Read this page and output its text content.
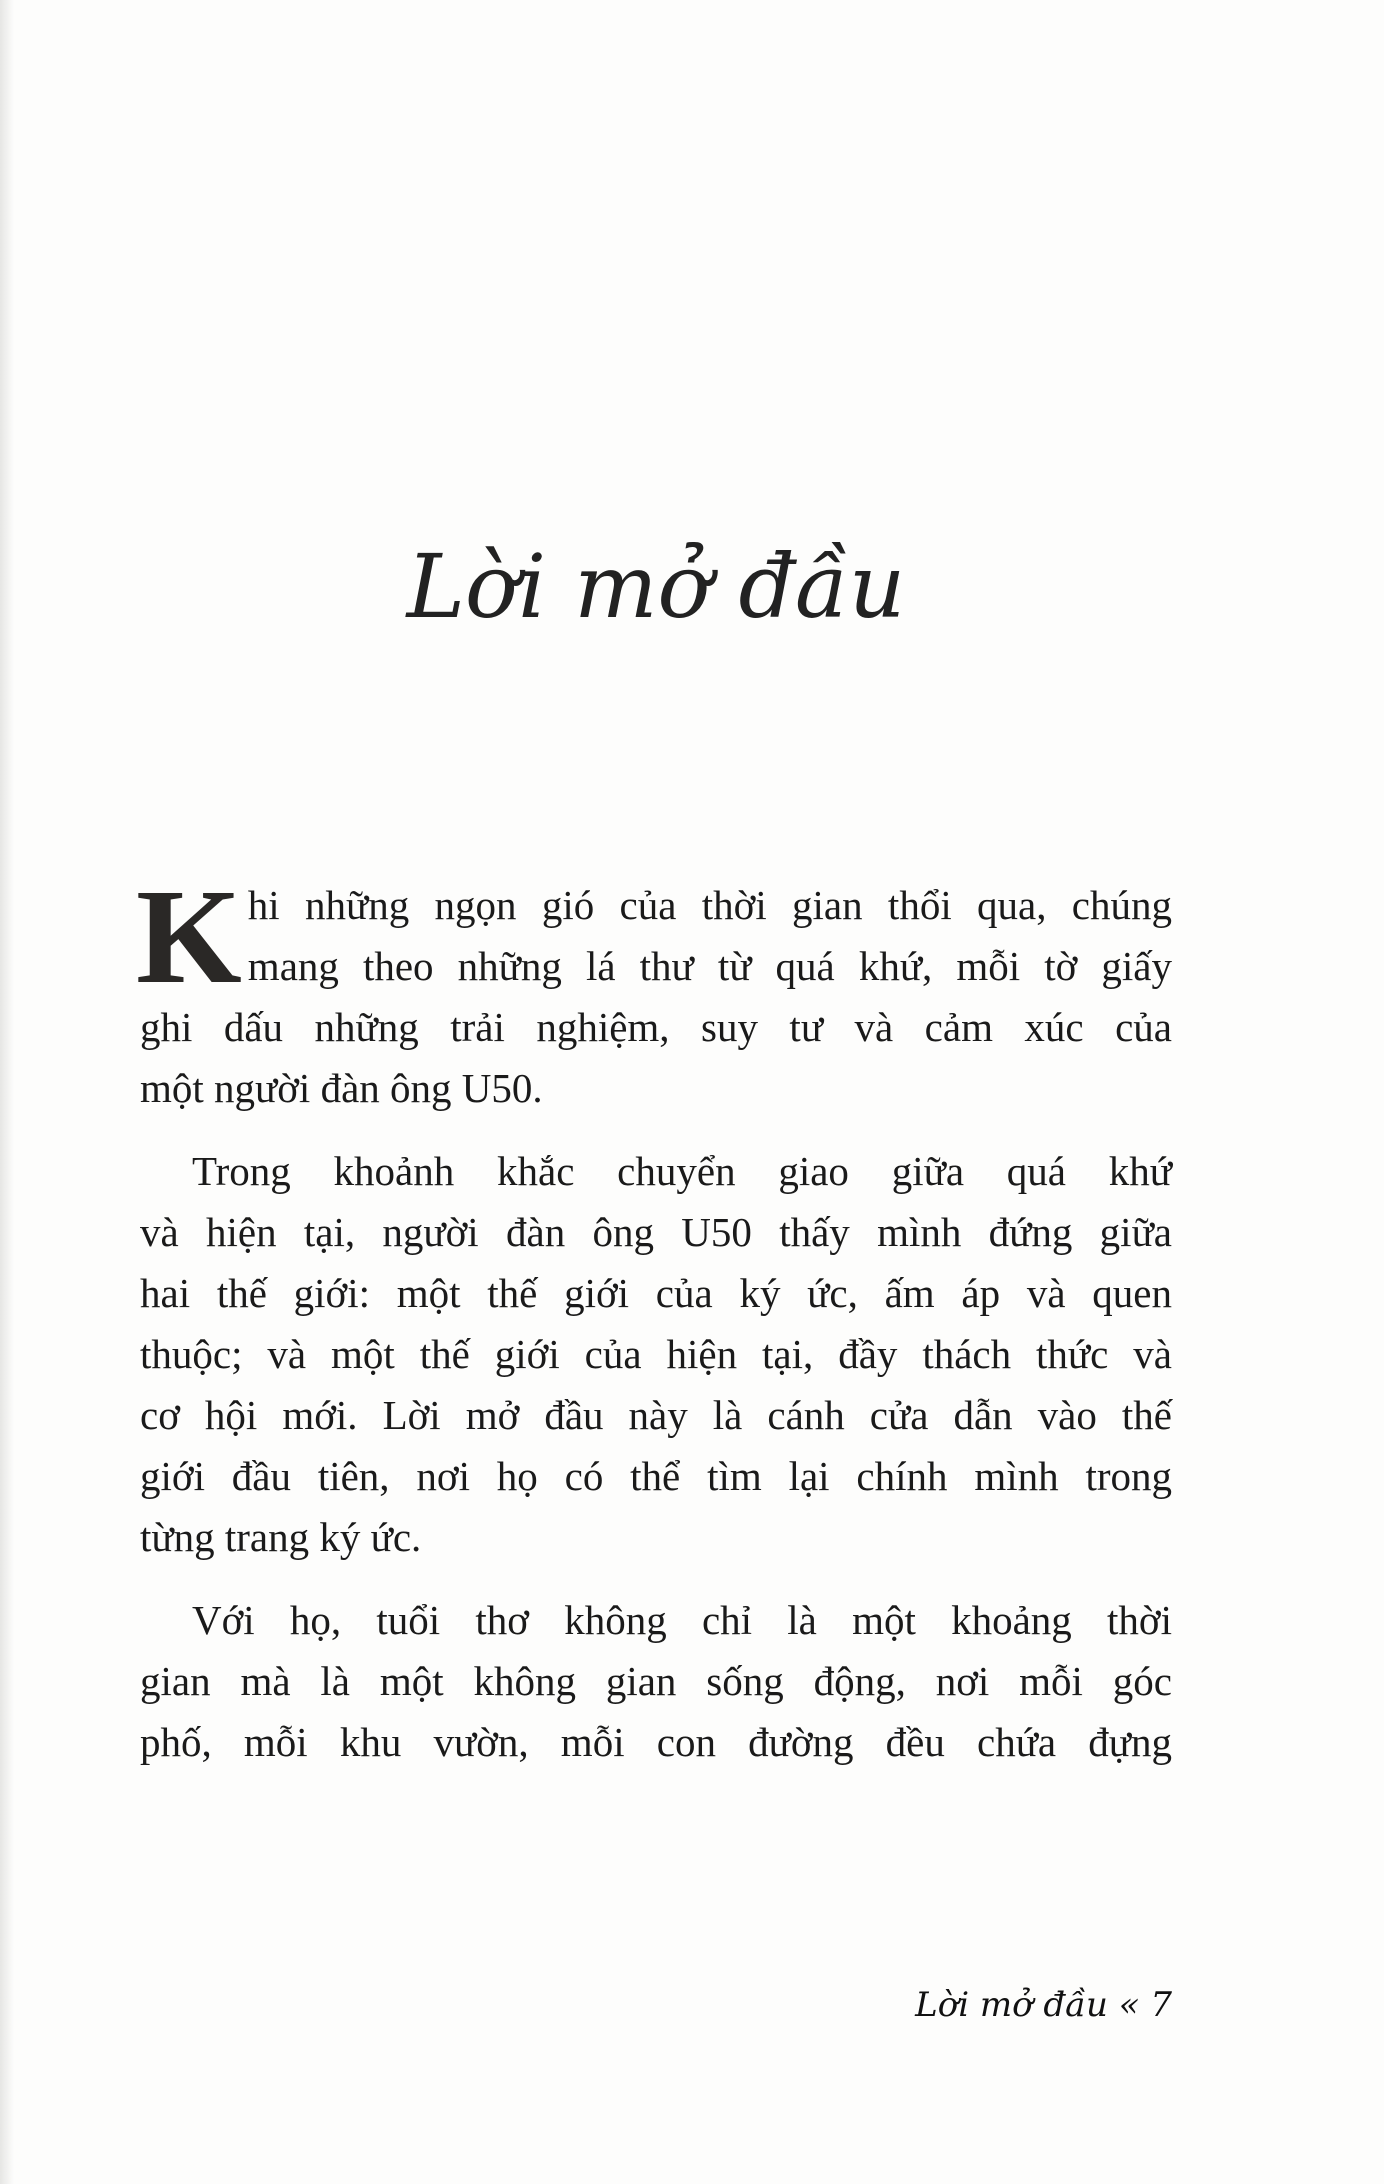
Lời mở đầu
K hi những ngọn gió của thời gian thổi qua, chúng
mang theo những lá thư từ quá khứ, mỗi tờ giấy
ghi dấu những trải nghiệm, suy tư và cảm xúc của
một người đàn ông U50.
Trong khoảnh khắc chuyển giao giữa quá khứ
và hiện tại, người đàn ông U50 thấy mình đứng giữa
hai thế giới: một thế giới của ký ức, ấm áp và quen
thuộc; và một thế giới của hiện tại, đầy thách thức và
cơ hội mới. Lời mở đầu này là cánh cửa dẫn vào thế
giới đầu tiên, nơi họ có thể tìm lại chính mình trong
từng trang ký ức.
Với họ, tuổi thơ không chỉ là một khoảng thời
gian mà là một không gian sống động, nơi mỗi góc
phố, mỗi khu vườn, mỗi con đường đều chứa đựng
Lời mở đầu « 7
